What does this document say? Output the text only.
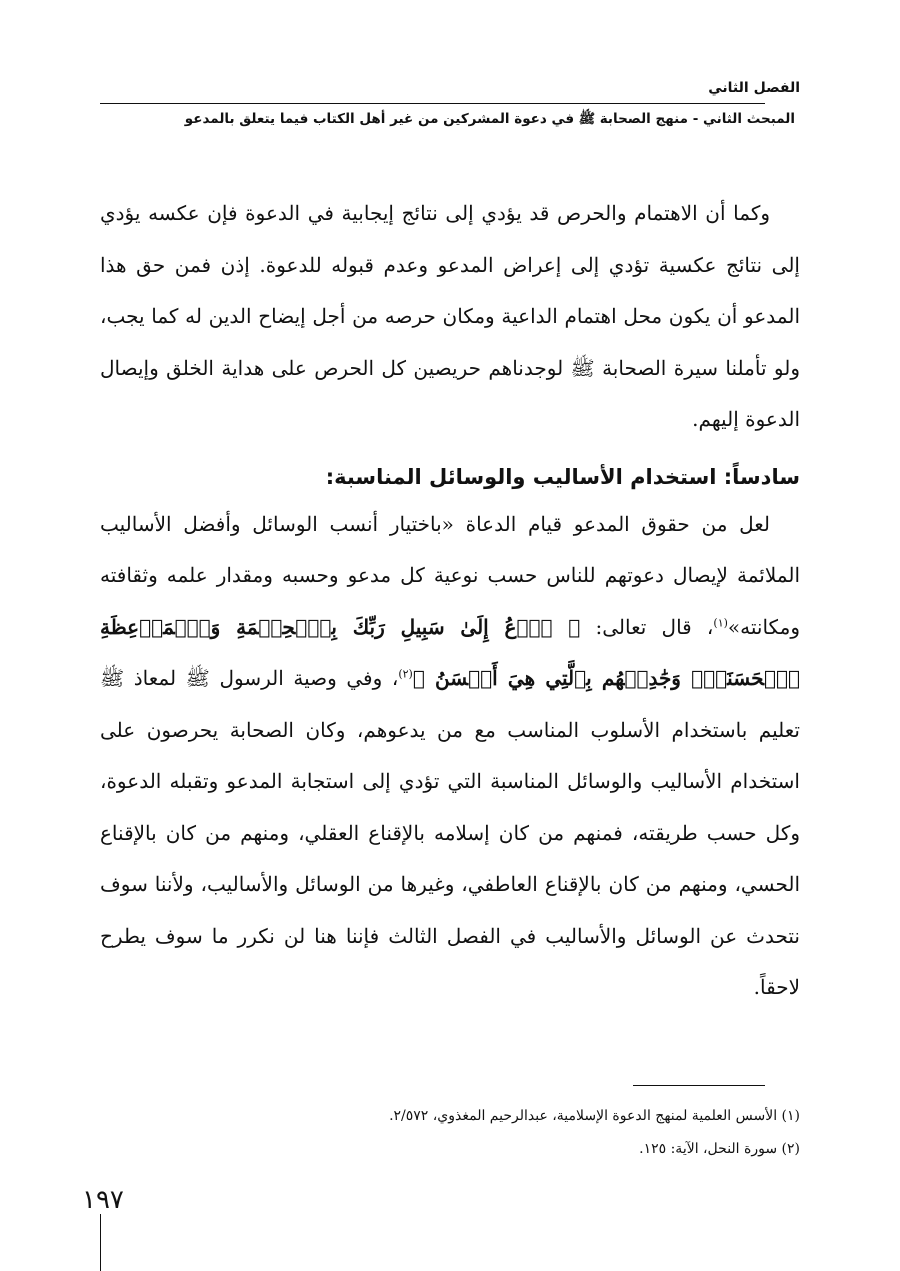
الفصل الثاني
المبحث الثاني - منهج الصحابة ﷺ في دعوة المشركين من غير أهل الكتاب فيما يتعلق بالمدعو

وكما أن الاهتمام والحرص قد يؤدي إلى نتائج إيجابية في الدعوة فإن عكسه يؤدي إلى نتائج عكسية تؤدي إلى إعراض المدعو وعدم قبوله للدعوة. إذن فمن حق هذا المدعو أن يكون محل اهتمام الداعية ومكان حرصه من أجل إيضاح الدين له كما يجب، ولو تأملنا سيرة الصحابة ﷺ لوجدناهم حريصين كل الحرص على هداية الخلق وإيصال الدعوة إليهم.

سادساً: استخدام الأساليب والوسائل المناسبة:

لعل من حقوق المدعو قيام الدعاة «باختيار أنسب الوسائل وأفضل الأساليب الملائمة لإيصال دعوتهم للناس حسب نوعية كل مدعو وحسبه ومقدار علمه وثقافته ومكانته»$^{(١)}$، قال تعالى: ﴿ ٱدۡعُ إِلَىٰ سَبِيلِ رَبِّكَ بِٱلۡحِكۡمَةِ وَٱلۡمَوۡعِظَةِ ٱلۡحَسَنَةِۖ وَجَٰدِلۡهُم بِٱلَّتِي هِيَ أَحۡسَنُ ﴾$^{(٢)}$، وفي وصية الرسول ﷺ لمعاذ ﷺ تعليم باستخدام الأسلوب المناسب مع من يدعوهم، وكان الصحابة يحرصون على استخدام الأساليب والوسائل المناسبة التي تؤدي إلى استجابة المدعو وتقبله الدعوة، وكل حسب طريقته، فمنهم من كان إسلامه بالإقناع العقلي، ومنهم من كان بالإقناع الحسي، ومنهم من كان بالإقناع العاطفي، وغيرها من الوسائل والأساليب، ولأننا سوف نتحدث عن الوسائل والأساليب في الفصل الثالث فإننا هنا لن نكرر ما سوف يطرح لاحقاً.

(١) الأسس العلمية لمنهج الدعوة الإسلامية، عبدالرحيم المغذوي، ٢/٥٧٢.
(٢) سورة النحل، الآية: ١٢٥.
١٩٧
